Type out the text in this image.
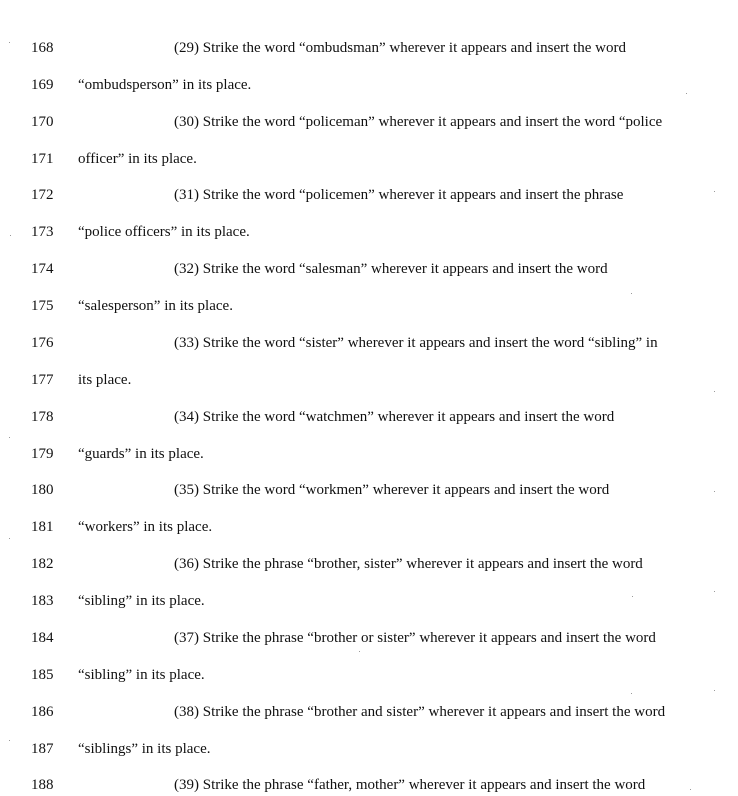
168	(29) Strike the word “ombudsman” wherever it appears and insert the word
169 “ombudsperson” in its place.
170	(30) Strike the word “policeman” wherever it appears and insert the word “police
171 officer” in its place.
172	(31) Strike the word “policemen” wherever it appears and insert the phrase
173 “police officers” in its place.
174	(32) Strike the word “salesman” wherever it appears and insert the word
175 “salesperson” in its place.
176	(33) Strike the word “sister” wherever it appears and insert the word “sibling” in
177 its place.
178	(34) Strike the word “watchmen” wherever it appears and insert the word
179 “guards” in its place.
180	(35) Strike the word “workmen” wherever it appears and insert the word
181 “workers” in its place.
182	(36) Strike the phrase “brother, sister” wherever it appears and insert the word
183 “sibling” in its place.
184	(37) Strike the phrase “brother or sister” wherever it appears and insert the word
185 “sibling” in its place.
186	(38) Strike the phrase “brother and sister” wherever it appears and insert the word
187 “siblings” in its place.
188	(39) Strike the phrase “father, mother” wherever it appears and insert the word
